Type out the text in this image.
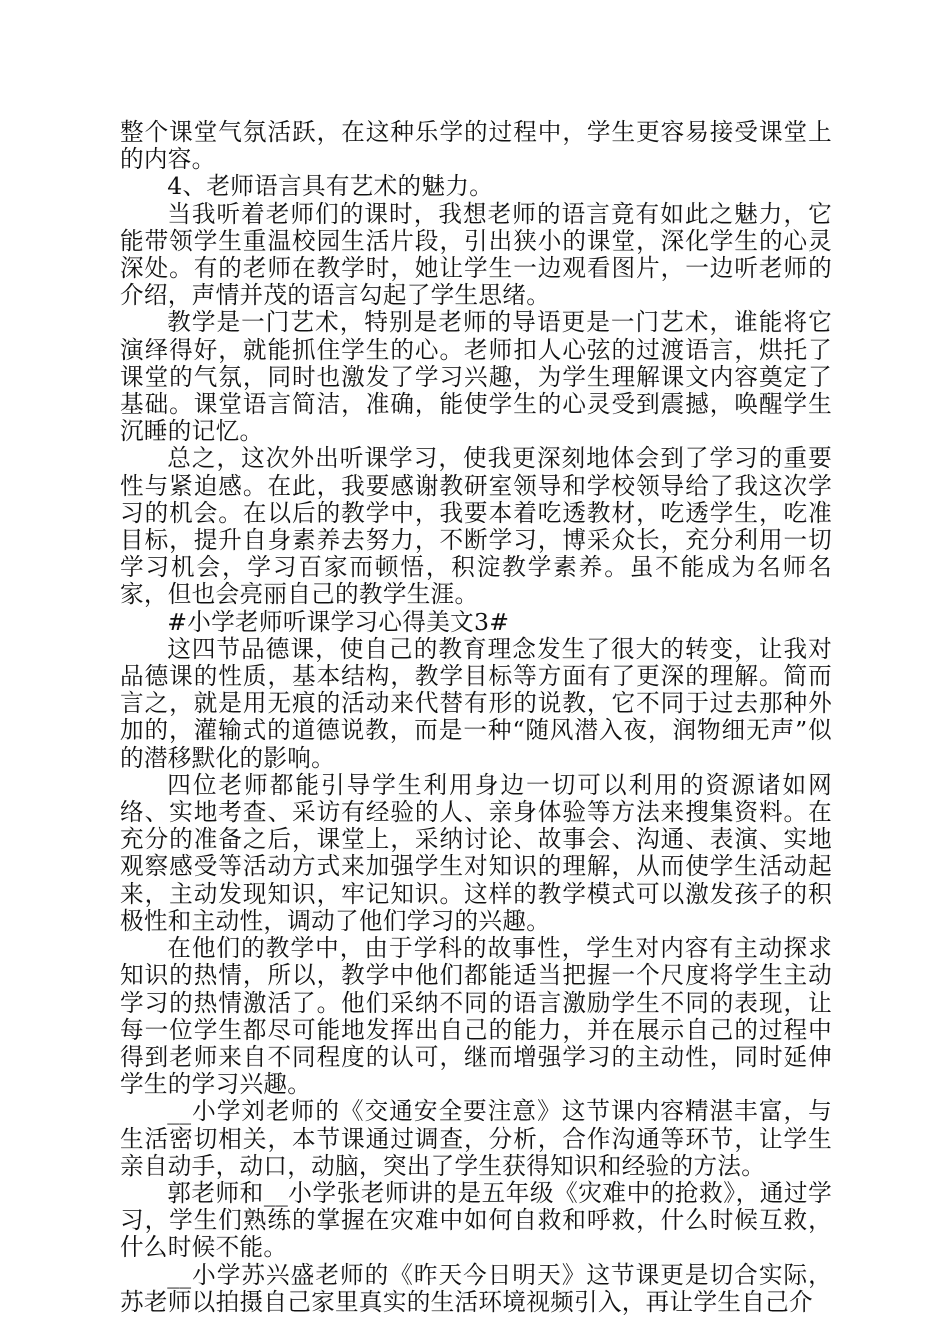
整个课堂气氛活跃，在这种乐学的过程中，学生更容易接受课堂上的内容。

4、老师语言具有艺术的魅力。

当我听着老师们的课时，我想老师的语言竟有如此之魅力，它能带领学生重温校园生活片段，引出狭小的课堂，深化学生的心灵深处。有的老师在教学时，她让学生一边观看图片，一边听老师的介绍，声情并茂的语言勾起了学生思绪。

教学是一门艺术，特别是老师的导语更是一门艺术，谁能将它演绎得好，就能抓住学生的心。老师扣人心弦的过渡语言，烘托了课堂的气氛，同时也激发了学习兴趣，为学生理解课文内容奠定了基础。课堂语言简洁，准确，能使学生的心灵受到震撼，唤醒学生沉睡的记忆。

总之，这次外出听课学习，使我更深刻地体会到了学习的重要性与紧迫感。在此，我要感谢教研室领导和学校领导给了我这次学习的机会。在以后的教学中，我要本着吃透教材，吃透学生，吃准目标，提升自身素养去努力，不断学习，博采众长，充分利用一切学习机会，学习百家而顿悟，积淀教学素养。虽不能成为名师名家，但也会亮丽自己的教学生涯。

#小学老师听课学习心得美文3#

这四节品德课，使自己的教育理念发生了很大的转变，让我对品德课的性质，基本结构，教学目标等方面有了更深的理解。简而言之，就是用无痕的活动来代替有形的说教，它不同于过去那种外加的，灌输式的道德说教，而是一种“随风潜入夜，润物细无声”似的潜移默化的影响。

四位老师都能引导学生利用身边一切可以利用的资源诸如网络、实地考查、采访有经验的人、亲身体验等方法来搜集资料。在充分的准备之后，课堂上，采纳讨论、故事会、沟通、表演、实地观察感受等活动方式来加强学生对知识的理解，从而使学生活动起来，主动发现知识，牢记知识。这样的教学模式可以激发孩子的积极性和主动性，调动了他们学习的兴趣。

在他们的教学中，由于学科的故事性，学生对内容有主动探求知识的热情，所以，教学中他们都能适当把握一个尺度将学生主动学习的热情激活了。他们采纳不同的语言激励学生不同的表现，让每一位学生都尽可能地发挥出自己的能力，并在展示自己的过程中得到老师来自不同程度的认可，继而增强学习的主动性，同时延伸学生的学习兴趣。

__小学刘老师的《交通安全要注意》这节课内容精湛丰富，与生活密切相关，本节课通过调查，分析，合作沟通等环节，让学生亲自动手，动口，动脑，突出了学生获得知识和经验的方法。

郭老师和__小学张老师讲的是五年级《灾难中的抢救》，通过学习，学生们熟练的掌握在灾难中如何自救和呼救，什么时候互救，什么时候不能。

__小学苏兴盛老师的《昨天今日明天》这节课更是切合实际，苏老师以拍摄自己家里真实的生活环境视频引入，再让学生自己介
